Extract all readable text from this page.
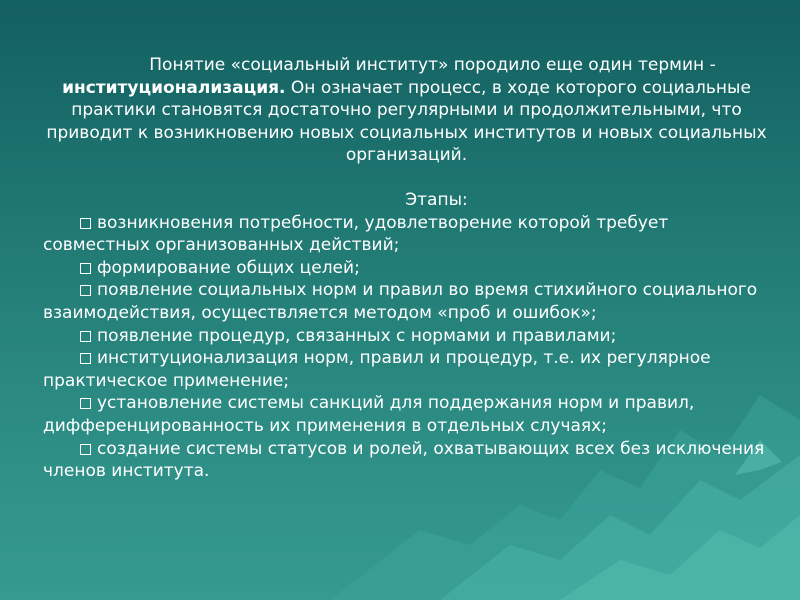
Понятие «социальный институт» породило еще один термин - институционализация. Он означает процесс, в ходе которого социальные практики становятся достаточно регулярными и продолжительными, что приводит к возникновению новых социальных институтов и новых социальных организаций.

Этапы:
возникновения потребности, удовлетворение которой требует совместных организованных действий;
формирование общих целей;
появление социальных норм и правил во время стихийного социального взаимодействия, осуществляется методом «проб и ошибок»;
появление процедур, связанных с нормами и правилами;
институционализация норм, правил и процедур, т.е. их регулярное практическое применение;
установление системы санкций для поддержания норм и правил, дифференцированность их применения в отдельных случаях;
создание системы статусов и ролей, охватывающих всех без исключения членов института.
